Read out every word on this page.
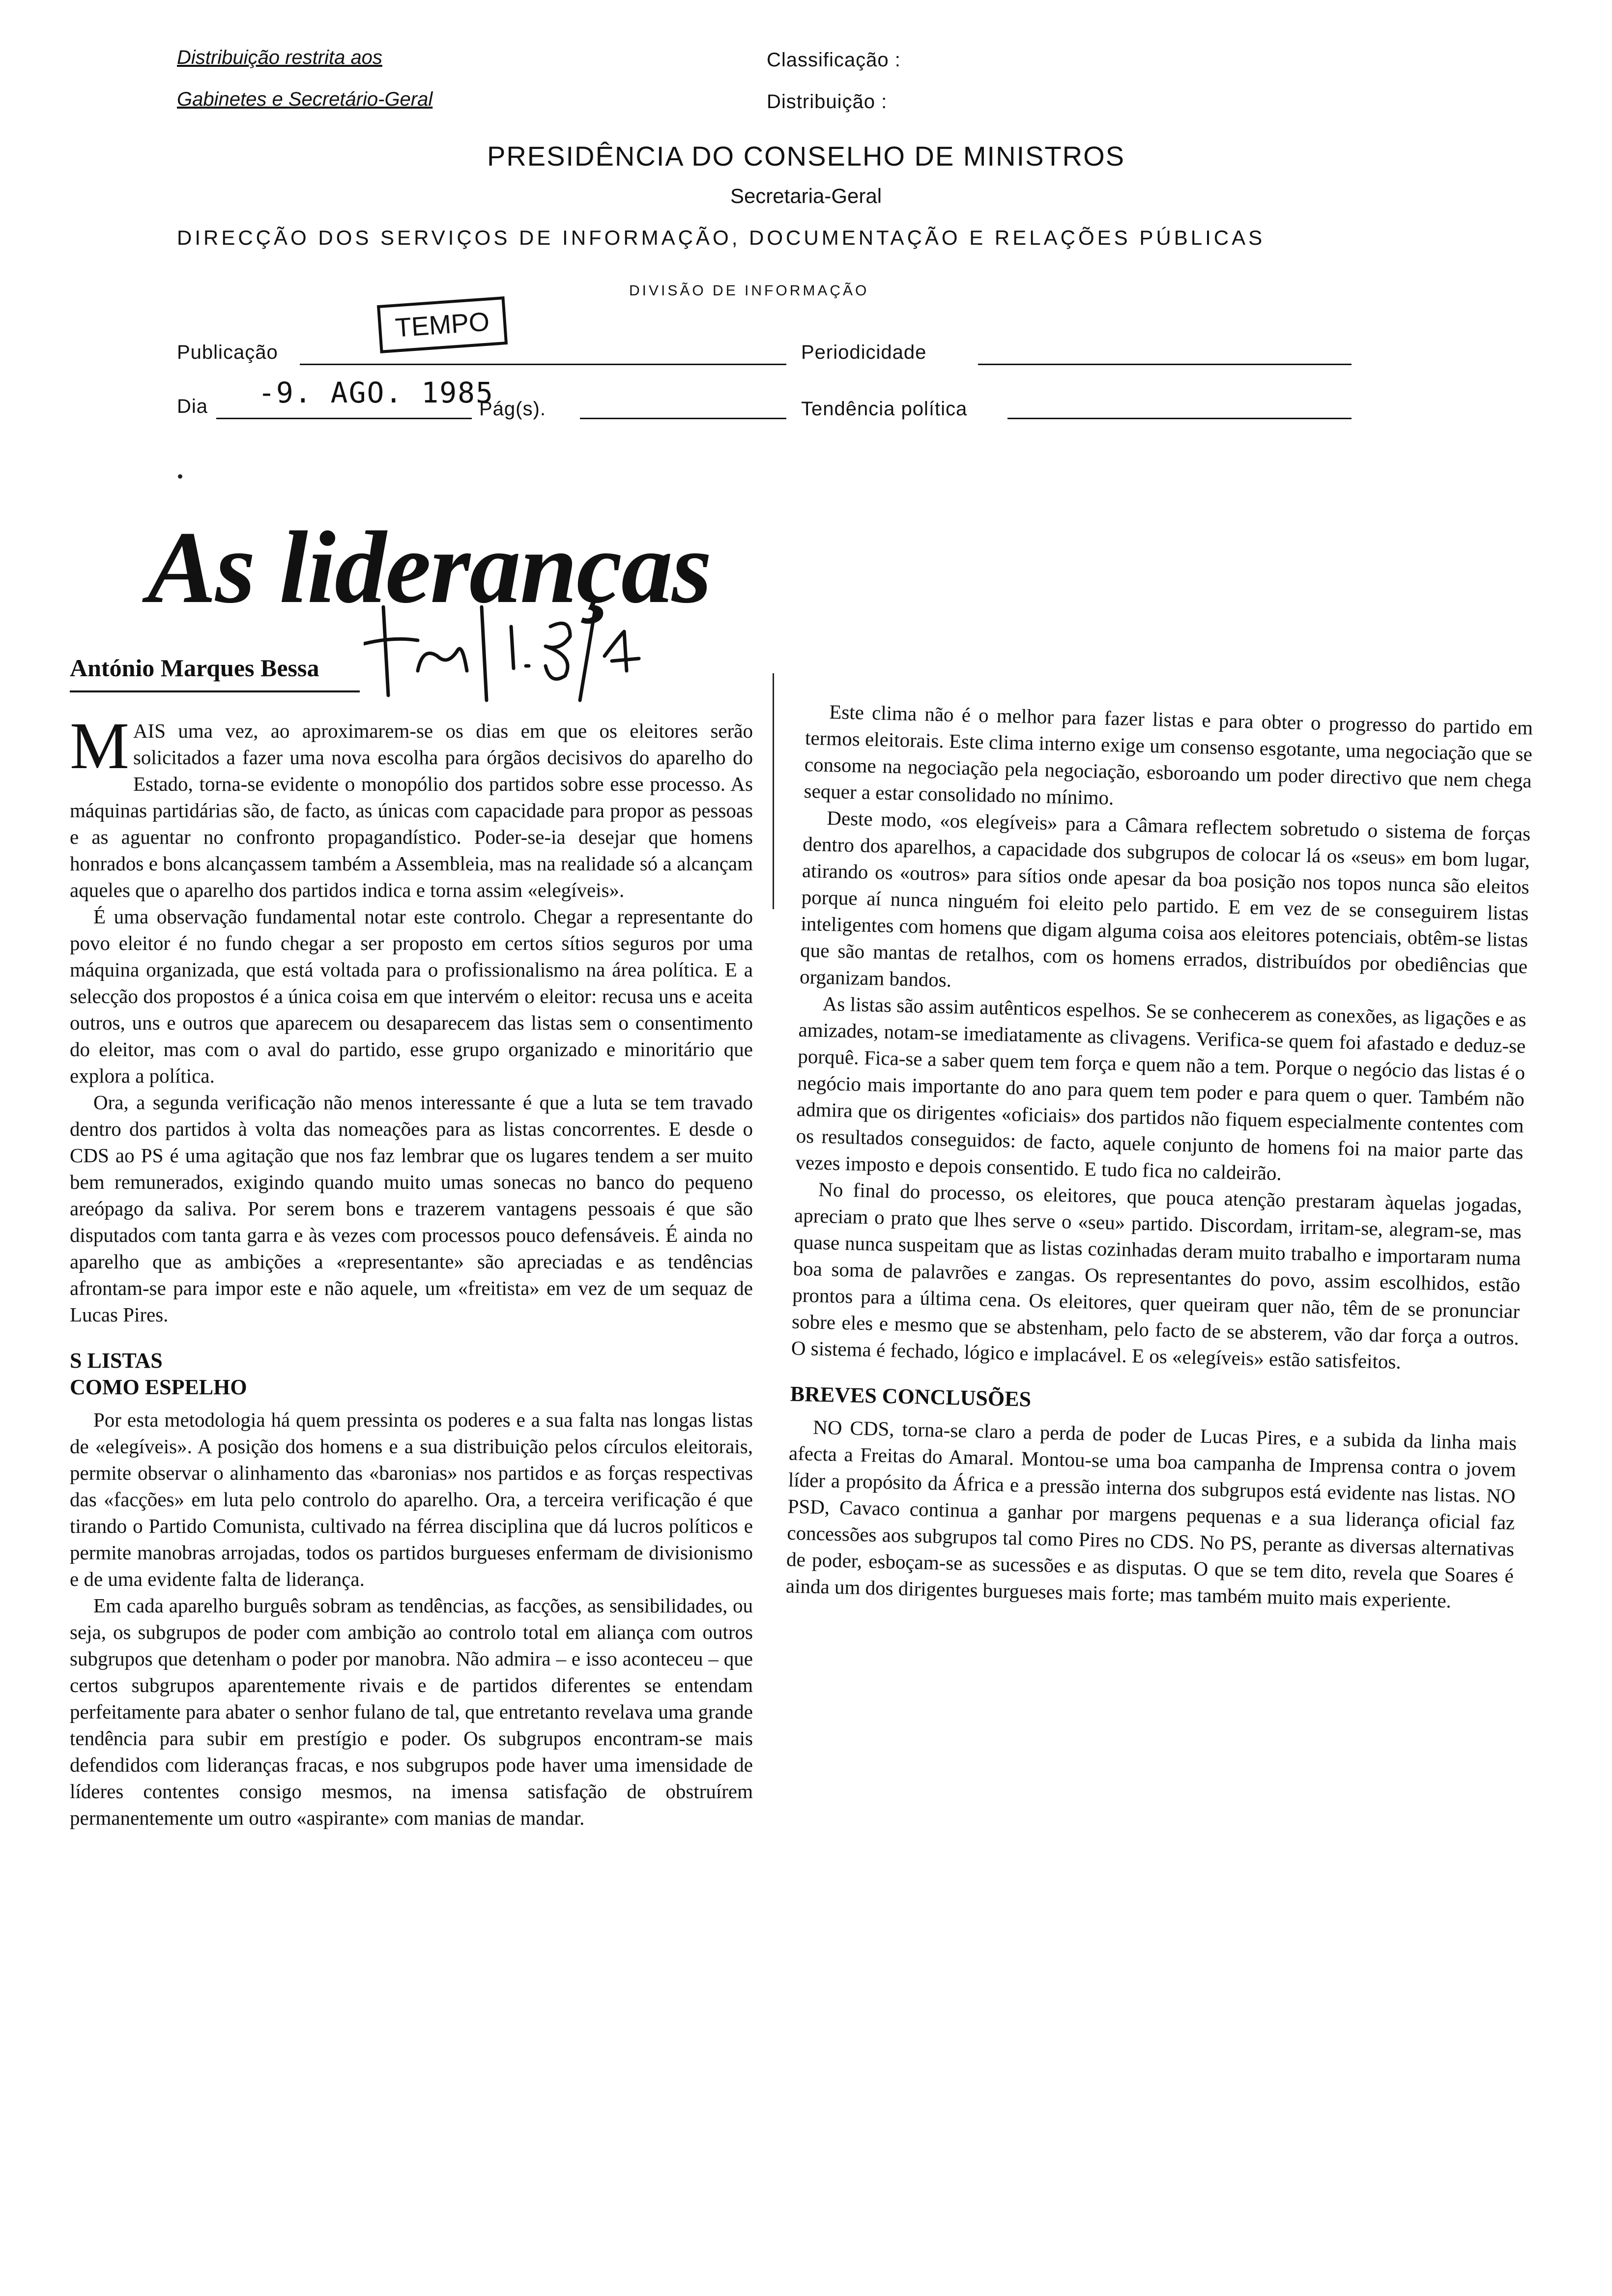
Distribuição restrita aos
Gabinetes e Secretário-Geral
Classificação :
Distribuição :
PRESIDÊNCIA DO CONSELHO DE MINISTROS
Secretaria-Geral
DIRECÇÃO DOS SERVIÇOS DE INFORMAÇÃO, DOCUMENTAÇÃO E RELAÇÕES PÚBLICAS
DIVISÃO DE INFORMAÇÃO
TEMPO
Publicação	Periodicidade
Dia -9. AGO. 1985
Pág(s).	Tendência política
As lideranças
António Marques Bessa

MAIS uma vez, ao aproximarem-se os dias em que os eleitores serão solicitados a fazer uma nova escolha para órgãos decisivos do aparelho do Estado, torna-se evidente o monopólio dos partidos sobre esse processo. As máquinas partidárias são, de facto, as únicas com capacidade para propor as pessoas e as aguentar no confronto propagandístico. Poder-se-ia desejar que homens honrados e bons alcançassem também a Assembleia, mas na realidade só a alcançam aqueles que o aparelho dos partidos indica e torna assim «elegíveis».

É uma observação fundamental notar este controlo. Chegar a representante do povo eleitor é no fundo chegar a ser proposto em certos sítios seguros por uma máquina organizada, que está voltada para o profissionalismo na área política. E a selecção dos propostos é a única coisa em que intervém o eleitor: recusa uns e aceita outros, uns e outros que aparecem ou desaparecem das listas sem o consentimento do eleitor, mas com o aval do partido, esse grupo organizado e minoritário que explora a política.

Ora, a segunda verificação não menos interessante é que a luta se tem travado dentro dos partidos à volta das nomeações para as listas concorrentes. E desde o CDS ao PS é uma agitação que nos faz lembrar que os lugares tendem a ser muito bem remunerados, exigindo quando muito umas sonecas no banco do pequeno areópago da saliva. Por serem bons e trazerem vantagens pessoais é que são disputados com tanta garra e às vezes com processos pouco defensáveis. É ainda no aparelho que as ambições a «representante» são apreciadas e as tendências afrontam-se para impor este e não aquele, um «freitista» em vez de um sequaz de Lucas Pires.

S LISTAS
COMO ESPELHO

Por esta metodologia há quem pressinta os poderes e a sua falta nas longas listas de «elegíveis». A posição dos homens e a sua distribuição pelos círculos eleitorais, permite observar o alinhamento das «baronias» nos partidos e as forças respectivas das «facções» em luta pelo controlo do aparelho. Ora, a terceira verificação é que tirando o Partido Comunista, cultivado na férrea disciplina que dá lucros políticos e permite manobras arrojadas, todos os partidos burgueses enfermam de divisionismo e de uma evidente falta de liderança.

Em cada aparelho burguês sobram as tendências, as facções, as sensibilidades, ou seja, os subgrupos de poder com ambição ao controlo total em aliança com outros subgrupos que detenham o poder por manobra. Não admira – e isso aconteceu – que certos subgrupos aparentemente rivais e de partidos diferentes se entendam perfeitamente para abater o senhor fulano de tal, que entretanto revelava uma grande tendência para subir em prestígio e poder. Os subgrupos encontram-se mais defendidos com lideranças fracas, e nos subgrupos pode haver uma imensidade de líderes contentes consigo mesmos, na imensa satisfação de obstruírem permanentemente um outro «aspirante» com manias de mandar.

Este clima não é o melhor para fazer listas e para obter o progresso do partido em termos eleitorais. Este clima interno exige um consenso esgotante, uma negociação que se consome na negociação pela negociação, esboroando um poder directivo que nem chega sequer a estar consolidado no mínimo.

Deste modo, «os elegíveis» para a Câmara reflectem sobretudo o sistema de forças dentro dos aparelhos, a capacidade dos subgrupos de colocar lá os «seus» em bom lugar, atirando os «outros» para sítios onde apesar da boa posição nos topos nunca são eleitos porque aí nunca ninguém foi eleito pelo partido. E em vez de se conseguirem listas inteligentes com homens que digam alguma coisa aos eleitores potenciais, obtêm-se listas que são mantas de retalhos, com os homens errados, distribuídos por obediências que organizam bandos.

As listas são assim autênticos espelhos. Se se conhecerem as conexões, as ligações e as amizades, notam-se imediatamente as clivagens. Verifica-se quem foi afastado e deduz-se porquê. Fica-se a saber quem tem força e quem não a tem. Porque o negócio das listas é o negócio mais importante do ano para quem tem poder e para quem o quer. Também não admira que os dirigentes «oficiais» dos partidos não fiquem especialmente contentes com os resultados conseguidos: de facto, aquele conjunto de homens foi na maior parte das vezes imposto e depois consentido. E tudo fica no caldeirão.

No final do processo, os eleitores, que pouca atenção prestaram àquelas jogadas, apreciam o prato que lhes serve o «seu» partido. Discordam, irritam-se, alegram-se, mas quase nunca suspeitam que as listas cozinhadas deram muito trabalho e importaram numa boa soma de palavrões e zangas. Os representantes do povo, assim escolhidos, estão prontos para a última cena. Os eleitores, quer queiram quer não, têm de se pronunciar sobre eles e mesmo que se abstenham, pelo facto de se absterem, vão dar força a outros. O sistema é fechado, lógico e implacável. E os «elegíveis» estão satisfeitos.

BREVES CONCLUSÕES

NO CDS, torna-se claro a perda de poder de Lucas Pires, e a subida da linha mais afecta a Freitas do Amaral. Montou-se uma boa campanha de Imprensa contra o jovem líder a propósito da África e a pressão interna dos subgrupos está evidente nas listas. NO PSD, Cavaco continua a ganhar por margens pequenas e a sua liderança oficial faz concessões aos subgrupos tal como Pires no CDS. No PS, perante as diversas alternativas de poder, esboçam-se as sucessões e as disputas. O que se tem dito, revela que Soares é ainda um dos dirigentes burgueses mais forte; mas também muito mais experiente.
